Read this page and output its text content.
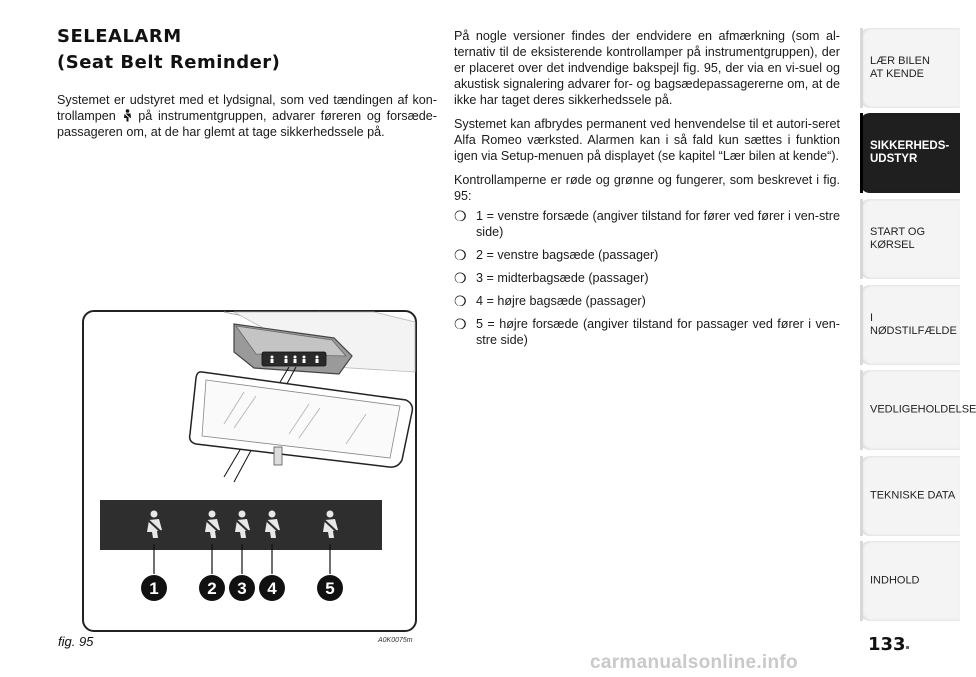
SELEALARM
(Seat Belt Reminder)

Systemet er udstyret med et lydsignal, som ved tændingen af kon-trollampen på instrumentgruppen, advarer føreren og forsæde-passageren om, at de har glemt at tage sikkerhedssele på.

På nogle versioner findes der endvidere en afmærkning (som al-ternativ til de eksisterende kontrollamper på instrumentgruppen), der er placeret over det indvendige bakspejl fig. 95, der via en vi-suel og akustisk signalering advarer for- og bagsædepassagererne om, at de ikke har taget deres sikkerhedssele på.

Systemet kan afbrydes permanent ved henvendelse til et autori-seret Alfa Romeo værksted. Alarmen kan i så fald kun sættes i funktion igen via Setup-menuen på displayet (se kapitel “Lær bilen at kende“).

Kontrollamperne er røde og grønne og fungerer, som beskrevet i fig. 95:

❍ 1 = venstre forsæde (angiver tilstand for fører ved fører i ven-stre side)
❍ 2 = venstre bagsæde (passager)
❍ 3 = midterbagsæde (passager)
❍ 4 = højre bagsæde (passager)
❍ 5 = højre forsæde (angiver tilstand for passager ved fører i ven-stre side)
1	2 3 4	5
fig. 95	A0K0075m
LÆR BILEN
AT KENDE
SIKKERHEDS-
UDSTYR
START OG KØRSEL
I NØDSTILFÆLDE
VEDLIGEHOLDELSE
TEKNISKE DATA
INDHOLD
133
carmanualsonline.info
